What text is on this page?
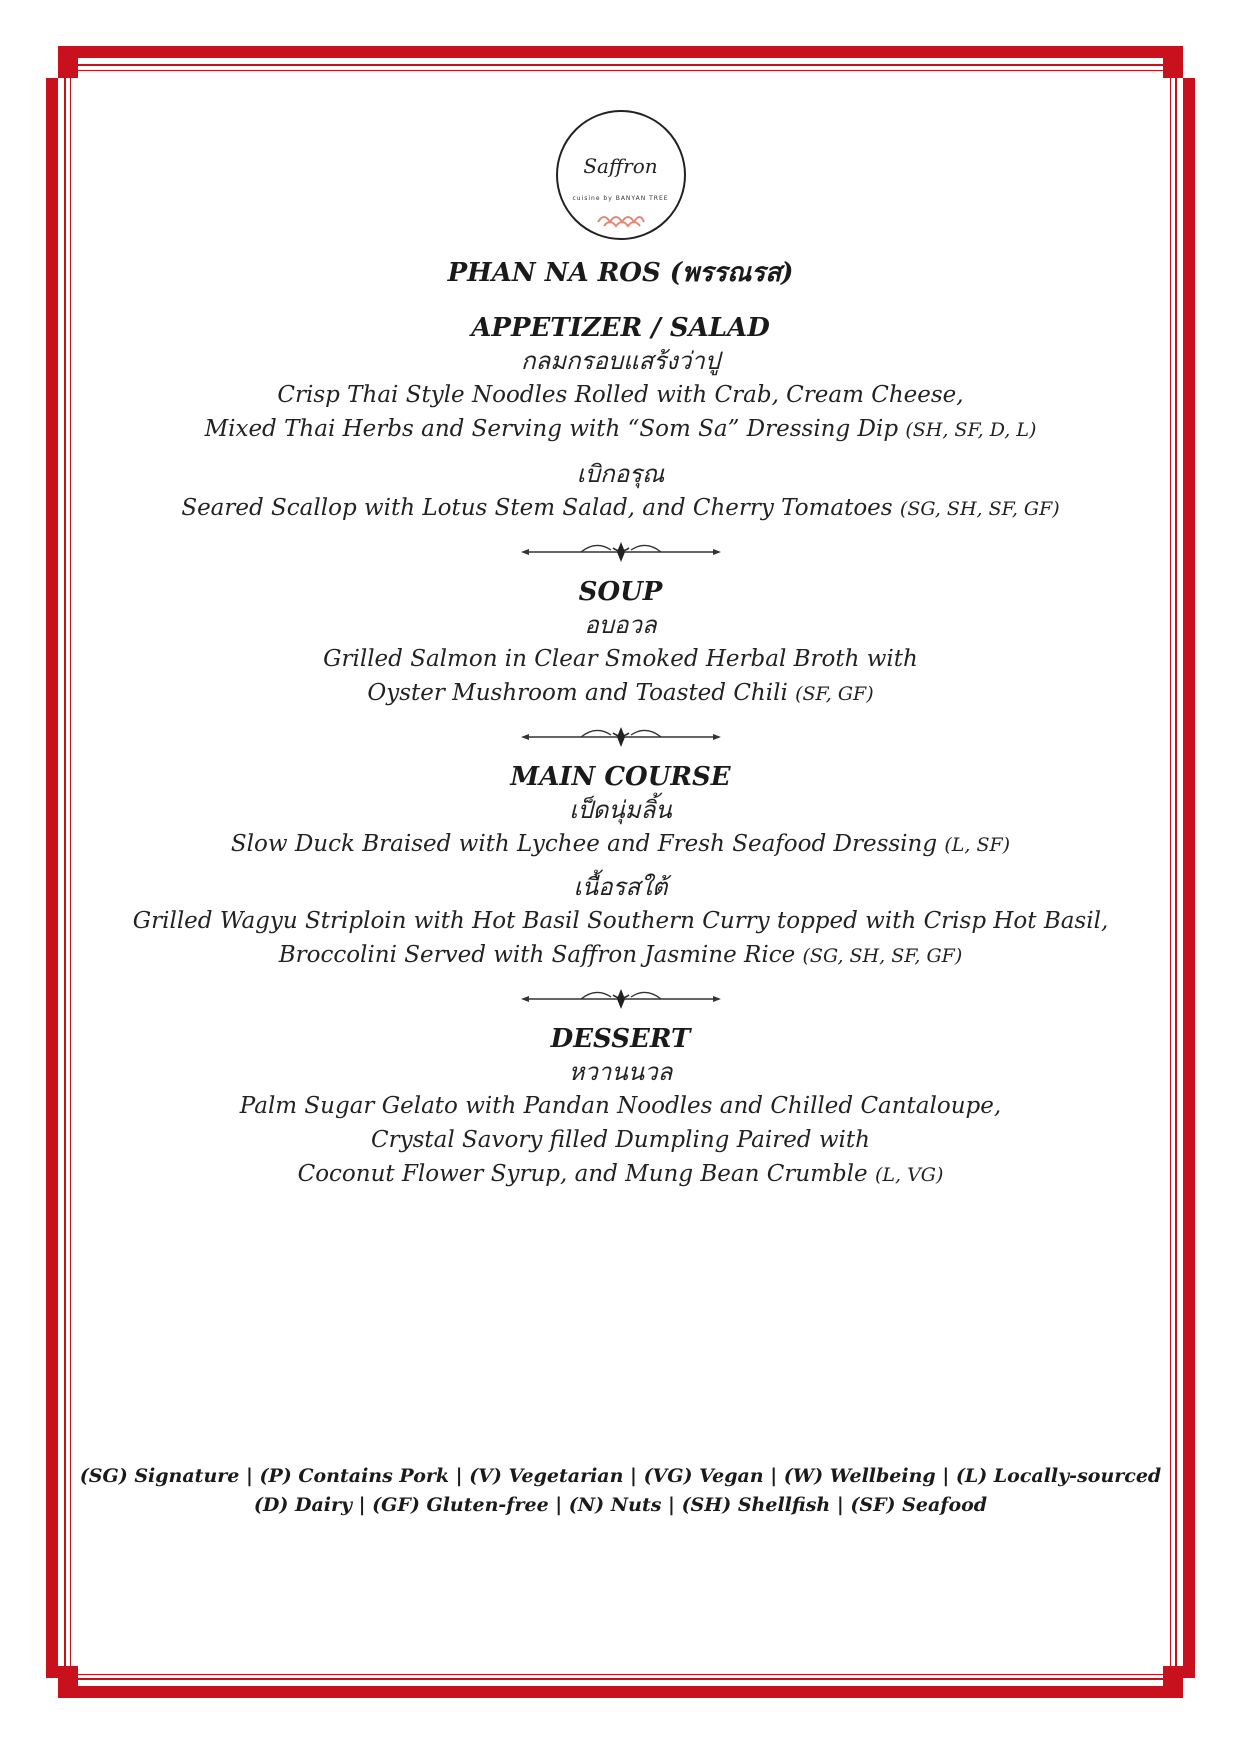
Saffron
cuisine by BANYAN TREE
PHAN NA ROS (พรรณรส)
APPETIZER / SALAD
กลมกรอบแสร้งว่าปู
Crisp Thai Style Noodles Rolled with Crab, Cream Cheese,
Mixed Thai Herbs and Serving with “Som Sa” Dressing Dip (SH, SF, D, L)
เบิกอรุณ
Seared Scallop with Lotus Stem Salad, and Cherry Tomatoes (SG, SH, SF, GF)
SOUP
อบอวล
Grilled Salmon in Clear Smoked Herbal Broth with
Oyster Mushroom and Toasted Chili (SF, GF)
MAIN COURSE
เป็ดนุ่มลิ้น
Slow Duck Braised with Lychee and Fresh Seafood Dressing (L, SF)
เนื้อรสใต้
Grilled Wagyu Striploin with Hot Basil Southern Curry topped with Crisp Hot Basil,
Broccolini Served with Saffron Jasmine Rice (SG, SH, SF, GF)
DESSERT
หวานนวล
Palm Sugar Gelato with Pandan Noodles and Chilled Cantaloupe,
Crystal Savory filled Dumpling Paired with
Coconut Flower Syrup, and Mung Bean Crumble (L, VG)
(SG) Signature | (P) Contains Pork | (V) Vegetarian | (VG) Vegan | (W) Wellbeing | (L) Locally-sourced
(D) Dairy | (GF) Gluten-free | (N) Nuts | (SH) Shellfish | (SF) Seafood
